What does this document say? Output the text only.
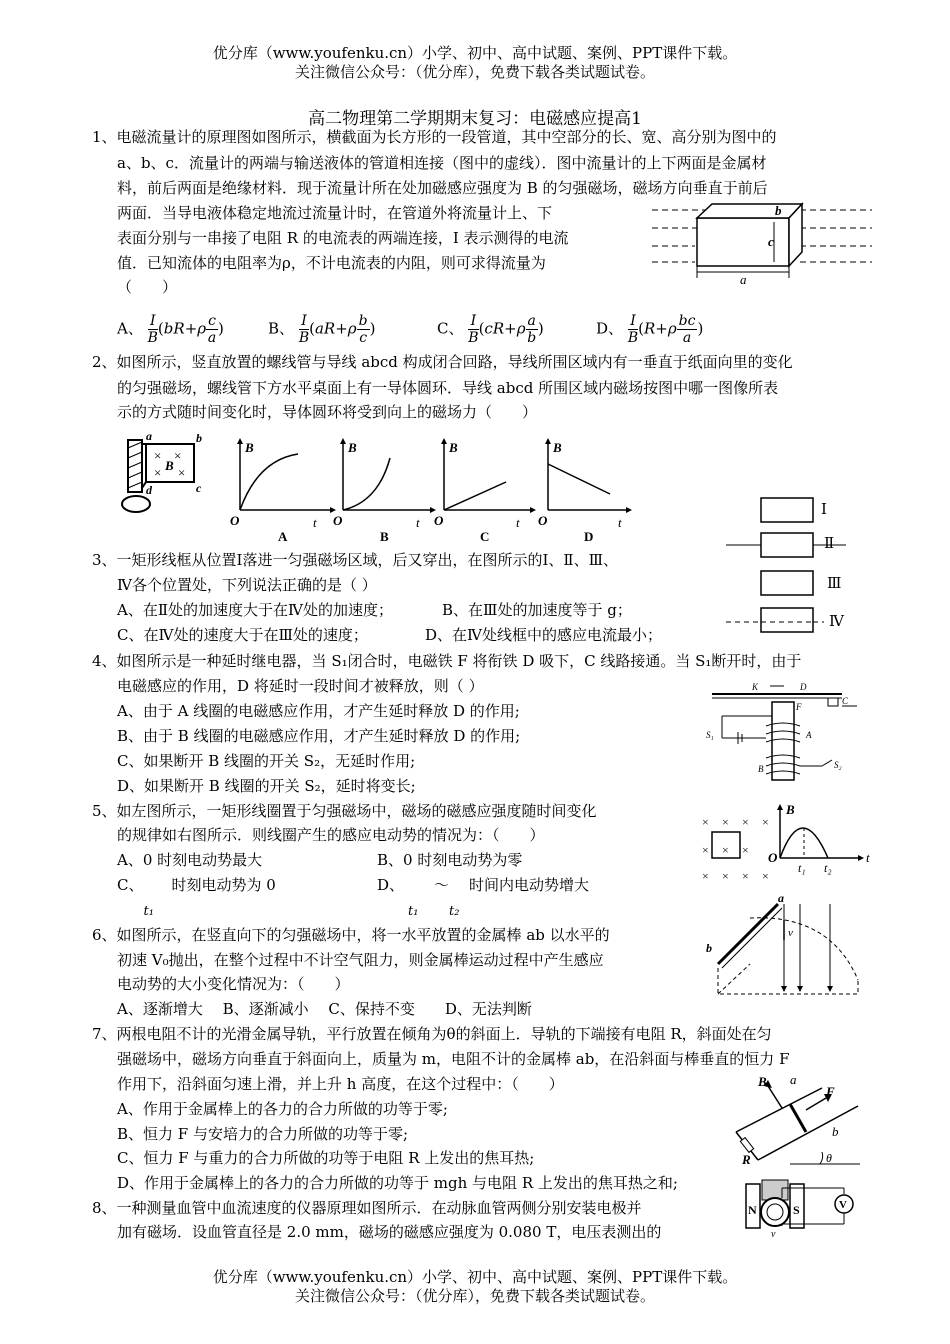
优分库（www.youfenku.cn）小学、初中、高中试题、案例、PPT课件下载。
关注微信公众号：（优分库），免费下载各类试题试卷。
高二物理第二学期期末复习：电磁感应提高1
1、电磁流量计的原理图如图所示，横截面为长方形的一段管道，其中空部分的长、宽、高分别为图中的
a、b、c．流量计的两端与输送液体的管道相连接（图中的虚线）．图中流量计的上下两面是金属材
料，前后两面是绝缘材料．现于流量计所在处加磁感应强度为 B 的匀强磁场，磁场方向垂直于前后
两面．当导电液体稳定地流过流量计时，在管道外将流量计上、下
表面分别与一串接了电阻 R 的电流表的两端连接，I 表示测得的电流
值．已知流体的电阻率为ρ，不计电流表的内阻，则可求得流量为
（　　）
b
c
a
A、 $\frac{I}{B} (bR+\rho \frac{c}{a}$ )	B、 $\frac{I}{B} (aR+\rho \frac{b}{c}$ )	C、 $\frac{I}{B} (cR+\rho \frac{a}{b}$ )	D、 $\frac{I}{B} (R+\rho \frac{bc}{a}$ )
2、如图所示，竖直放置的螺线管与导线 abcd 构成闭合回路，导线所围区域内有一垂直于纸面向里的变化
的匀强磁场，螺线管下方水平桌面上有一导体圆环．导线 abcd 所围区域内磁场按图中哪一图像所表
示的方式随时间变化时，导体圆环将受到向上的磁场力（　　）
× ×
× ×
B
a	b
d	c
B
O	t
A
B
O	t
B
B
O	t
C
B
O	t
D
Ⅰ
Ⅱ
Ⅲ
Ⅳ
3、一矩形线框从位置Ⅰ落进一匀强磁场区域，后又穿出，在图所示的Ⅰ、Ⅱ、Ⅲ、
Ⅳ各个位置处，下列说法正确的是（ ）
A、在Ⅱ处的加速度大于在Ⅳ处的加速度；	B、在Ⅲ处的加速度等于 g；
C、在Ⅳ处的速度大于在Ⅲ处的速度；	D、在Ⅳ处线框中的感应电流最小；
4、如图所示是一种延时继电器，当 S₁闭合时，电磁铁 F 将衔铁 D 吸下，C 线路接通。当 S₁断开时，由于
电磁感应的作用，D 将延时一段时间才被释放，则（ ）
A、由于 A 线圈的电磁感应作用，才产生延时释放 D 的作用;
B、由于 B 线圈的电磁感应作用，才产生延时释放 D 的作用;
C、如果断开 B 线圈的开关 S₂，无延时作用;
D、如果断开 B 线圈的开关 S₂，延时将变长;
K	D
C
S₁	A
B	S₂
F
5、如左图所示，一矩形线圈置于匀强磁场中，磁场的磁感应强度随时间变化
的规律如右图所示．则线圈产生的感应电动势的情况为：（　　）
A、0 时刻电动势最大	B、0 时刻电动势为零
C、
t₁
时刻电动势为 0	D、
t₁
～
t₂
时间内电动势增大
× × ×
× × ×
× × × ×
×
B
O	t
t₁ t₂
6、如图所示，在竖直向下的匀强磁场中，将一水平放置的金属棒 ab 以水平的
初速 V₀抛出，在整个过程中不计空气阻力，则金属棒运动过程中产生感应
电动势的大小变化情况为：（　　）
A、逐渐增大　 B、逐渐减小　 C、保持不变　　D、无法判断
a
b
v
7、两根电阻不计的光滑金属导轨，平行放置在倾角为θ的斜面上．导轨的下端接有电阻 R，斜面处在匀
强磁场中，磁场方向垂直于斜面向上，质量为 m，电阻不计的金属棒 ab，在沿斜面与棒垂直的恒力 F
作用下，沿斜面匀速上滑，并上升 h 高度，在这个过程中：（　　）
A、作用于金属棒上的各力的合力所做的功等于零;
B、恒力 F 与安培力的合力所做的功等于零;
C、恒力 F 与重力的合力所做的功等于电阻 R 上发出的焦耳热;
D、作用于金属棒上的各力的合力所做的功等于 mgh 与电阻 R 上发出的焦耳热之和;
B a
F
b
R	θ
8、一种测量血管中血流速度的仪器原理如图所示．在动脉血管两侧分别安装电极并
加有磁场．设血管直径是 2.0 mm，磁场的磁感应强度为 0.080 T，电压表测出的
N	S
v
V
优分库（www.youfenku.cn）小学、初中、高中试题、案例、PPT课件下载。
关注微信公众号：（优分库），免费下载各类试题试卷。
